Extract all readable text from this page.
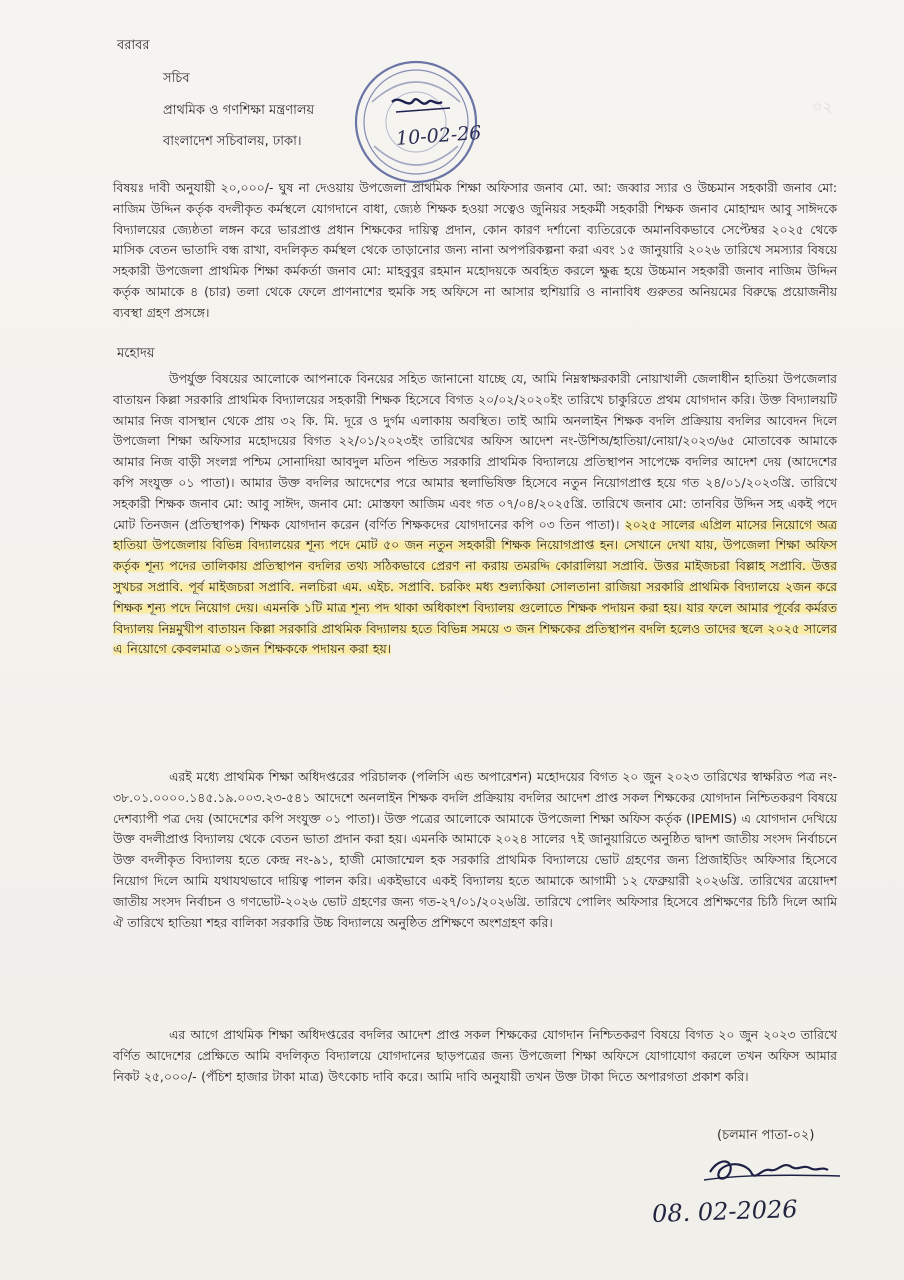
বরাবর
সচিব
প্রাথমিক ও গণশিক্ষা মন্ত্রণালয়
বাংলাদেশ সচিবালয়, ঢাকা।	10-02-26
০২
বিষয়ঃ দাবী অনুযায়ী ২০,০০০/- ঘুষ না দেওয়ায় উপজেলা প্রাথমিক শিক্ষা অফিসার জনাব মো. আ: জব্বার স্যার ও উচ্চমান সহকারী জনাব মো: নাজিম উদ্দিন কর্তৃক বদলীকৃত কর্মস্থলে যোগদানে বাধা, জ্যেষ্ঠ শিক্ষক হওয়া সত্বেও জুনিয়র সহকর্মী সহকারী শিক্ষক জনাব মোহাম্মদ আবু সাঈদকে বিদ্যালয়ের জ্যেষ্ঠতা লঙ্গন করে ভারপ্রাপ্ত প্রধান শিক্ষকের দায়িত্ব প্রদান, কোন কারণ দর্শানো ব্যতিরেকে অমানবিকভাবে সেপ্টেম্বর ২০২৫ থেকে মাসিক বেতন ভাতাদি বন্ধ রাখা, বদলিকৃত কর্মস্থল থেকে তাড়ানোর জন্য নানা অপপরিকল্পনা করা এবং ১৫ জানুয়ারি ২০২৬ তারিখে সমস্যার বিষয়ে সহকারী উপজেলা প্রাথমিক শিক্ষা কর্মকর্তা জনাব মো: মাহবুবুর রহমান মহোদয়কে অবহিত করলে ক্ষুব্ধ হয়ে উচ্চমান সহকারী জনাব নাজিম উদ্দিন কর্তৃক আমাকে ৪ (চার) তলা থেকে ফেলে প্রাণনাশের হুমকি সহ অফিসে না আসার হুশিয়ারি ও নানাবিধ গুরুতর অনিয়মের বিরুদ্ধে প্রয়োজনীয় ব্যবস্থা গ্রহণ প্রসঙ্গে।
মহোদয়
উপর্যুক্ত বিষয়ের আলোকে আপনাকে বিনয়ের সহিত জানানো যাচ্ছে যে, আমি নিম্নস্বাক্ষরকারী নোয়াখালী জেলাধীন হাতিয়া উপজেলার বাতায়ন কিল্লা সরকারি প্রাথমিক বিদ্যালয়ের সহকারী শিক্ষক হিসেবে বিগত ২০/০২/২০২০ইং তারিখে চাকুরিতে প্রথম যোগদান করি। উক্ত বিদ্যালয়টি আমার নিজ বাসস্থান থেকে প্রায় ৩২ কি. মি. দূরে ও দুর্গম এলাকায় অবস্থিত। তাই আমি অনলাইন শিক্ষক বদলি প্রক্রিয়ায় বদলির আবেদন দিলে উপজেলা শিক্ষা অফিসার মহোদয়ের বিগত ২২/০১/২০২৩ইং তারিখের অফিস আদেশ নং-উশিঅ/হাতিয়া/নোয়া/২০২৩/৬৫ মোতাবেক আমাকে আমার নিজ বাড়ী সংলগ্ন পশ্চিম সোনাদিয়া আবদুল মতিন পন্ডিত সরকারি প্রাথমিক বিদ্যালয়ে প্রতিস্থাপন সাপেক্ষে বদলির আদেশ দেয় (আদেশের কপি সংযুক্ত ০১ পাতা)। আমার উক্ত বদলির আদেশের পরে আমার স্থলাভিষিক্ত হিসেবে নতুন নিয়োগপ্রাপ্ত হয়ে গত ২৪/০১/২০২৩খ্রি. তারিখে সহকারী শিক্ষক জনাব মো: আবু সাঈদ, জনাব মো: মোস্তফা আজিম এবং গত ০৭/০৪/২০২৫খ্রি. তারিখে জনাব মো: তানবির উদ্দিন সহ একই পদে মোট তিনজন (প্রতিস্থাপক) শিক্ষক যোগদান করেন (বর্ণিত শিক্ষকদের যোগদানের কপি ০৩ তিন পাতা)। ২০২৫ সালের এপ্রিল মাসের নিয়োগে অত্র হাতিয়া উপজেলায় বিভিন্ন বিদ্যালয়ের শূন্য পদে মোট ৫০ জন নতুন সহকারী শিক্ষক নিয়োগপ্রাপ্ত হন। সেখানে দেখা যায়, উপজেলা শিক্ষা অফিস কর্তৃক শূন্য পদের তালিকায় প্রতিস্থাপন বদলির তথ্য সঠিকভাবে প্রেরণ না করায় তমরদ্দি কোরালিয়া সপ্রাবি. উত্তর মাইজচরা বিল্লাহ সপ্রাবি. উত্তর সুখচর সপ্রাবি. পূর্ব মাইজচরা সপ্রাবি. নলচিরা এম. এইচ. সপ্রাবি. চরকিং মধ্য শুল্যকিয়া সোলতানা রাজিয়া সরকারি প্রাথমিক বিদ্যালয়ে ২জন করে শিক্ষক শূন্য পদে নিয়োগ দেয়। এমনকি ১টি মাত্র শূন্য পদ থাকা অধিকাংশ বিদ্যালয় গুলোতে শিক্ষক পদায়ন করা হয়। যার ফলে আমার পূর্বের কর্মরত বিদ্যালয় নিম্নমুখীপ বাতায়ন কিল্লা সরকারি প্রাথমিক বিদ্যালয় হতে বিভিন্ন সময়ে ৩ জন শিক্ষকের প্রতিস্থাপন বদলি হলেও তাদের স্থলে ২০২৫ সালের এ নিয়োগে কেবলমাত্র ০১জন শিক্ষককে পদায়ন করা হয়।
এরই মধ্যে প্রাথমিক শিক্ষা অধিদপ্তরের পরিচালক (পলিসি এন্ড অপারেশন) মহোদয়ের বিগত ২০ জুন ২০২৩ তারিখের স্বাক্ষরিত পত্র নং- ৩৮.০১.০০০০.১৪৫.১৯.০০৩.২৩-৫৪১ আদেশে অনলাইন শিক্ষক বদলি প্রক্রিয়ায় বদলির আদেশ প্রাপ্ত সকল শিক্ষকের যোগদান নিশ্চিতকরণ বিষয়ে দেশব্যাপী পত্র দেয় (আদেশের কপি সংযুক্ত ০১ পাতা)। উক্ত পত্রের আলোকে আমাকে উপজেলা শিক্ষা অফিস কর্তৃক (IPEMIS) এ যোগদান দেখিয়ে উক্ত বদলীপ্রাপ্ত বিদ্যালয় থেকে বেতন ভাতা প্রদান করা হয়। এমনকি আমাকে ২০২৪ সালের ৭ই জানুয়ারিতে অনুষ্ঠিত দ্বাদশ জাতীয় সংসদ নির্বাচনে উক্ত বদলীকৃত বিদ্যালয় হতে কেন্দ্র নং-৯১, হাজী মোজাম্মেল হক সরকারি প্রাথমিক বিদ্যালয়ে ভোট গ্রহণের জন্য প্রিজাইডিং অফিসার হিসেবে নিয়োগ দিলে আমি যথাযথভাবে দায়িত্ব পালন করি। একইভাবে একই বিদ্যালয় হতে আমাকে আগামী ১২ ফেব্রুয়ারী ২০২৬খ্রি. তারিখের ত্রয়োদশ জাতীয় সংসদ নির্বাচন ও গণভোট-২০২৬ ভোট গ্রহণের জন্য গত-২৭/০১/২০২৬খ্রি. তারিখে পোলিং অফিসার হিসেবে প্রশিক্ষণের চিঠি দিলে আমি ঐ তারিখে হাতিয়া শহর বালিকা সরকারি উচ্চ বিদ্যালয়ে অনুষ্ঠিত প্রশিক্ষণে অংশগ্রহণ করি।
এর আগে প্রাথমিক শিক্ষা অধিদপ্তরের বদলির আদেশ প্রাপ্ত সকল শিক্ষকের যোগদান নিশ্চিতকরণ বিষয়ে বিগত ২০ জুন ২০২৩ তারিখে বর্ণিত আদেশের প্রেক্ষিতে আমি বদলিকৃত বিদ্যালয়ে যোগদানের ছাড়পত্রের জন্য উপজেলা শিক্ষা অফিসে যোগাযোগ করলে তখন অফিস আমার নিকট ২৫,০০০/- (পঁচিশ হাজার টাকা মাত্র) উৎকোচ দাবি করে। আমি দাবি অনুযায়ী তখন উক্ত টাকা দিতে অপারগতা প্রকাশ করি।
(চলমান পাতা-০২)
08. 02-2026
